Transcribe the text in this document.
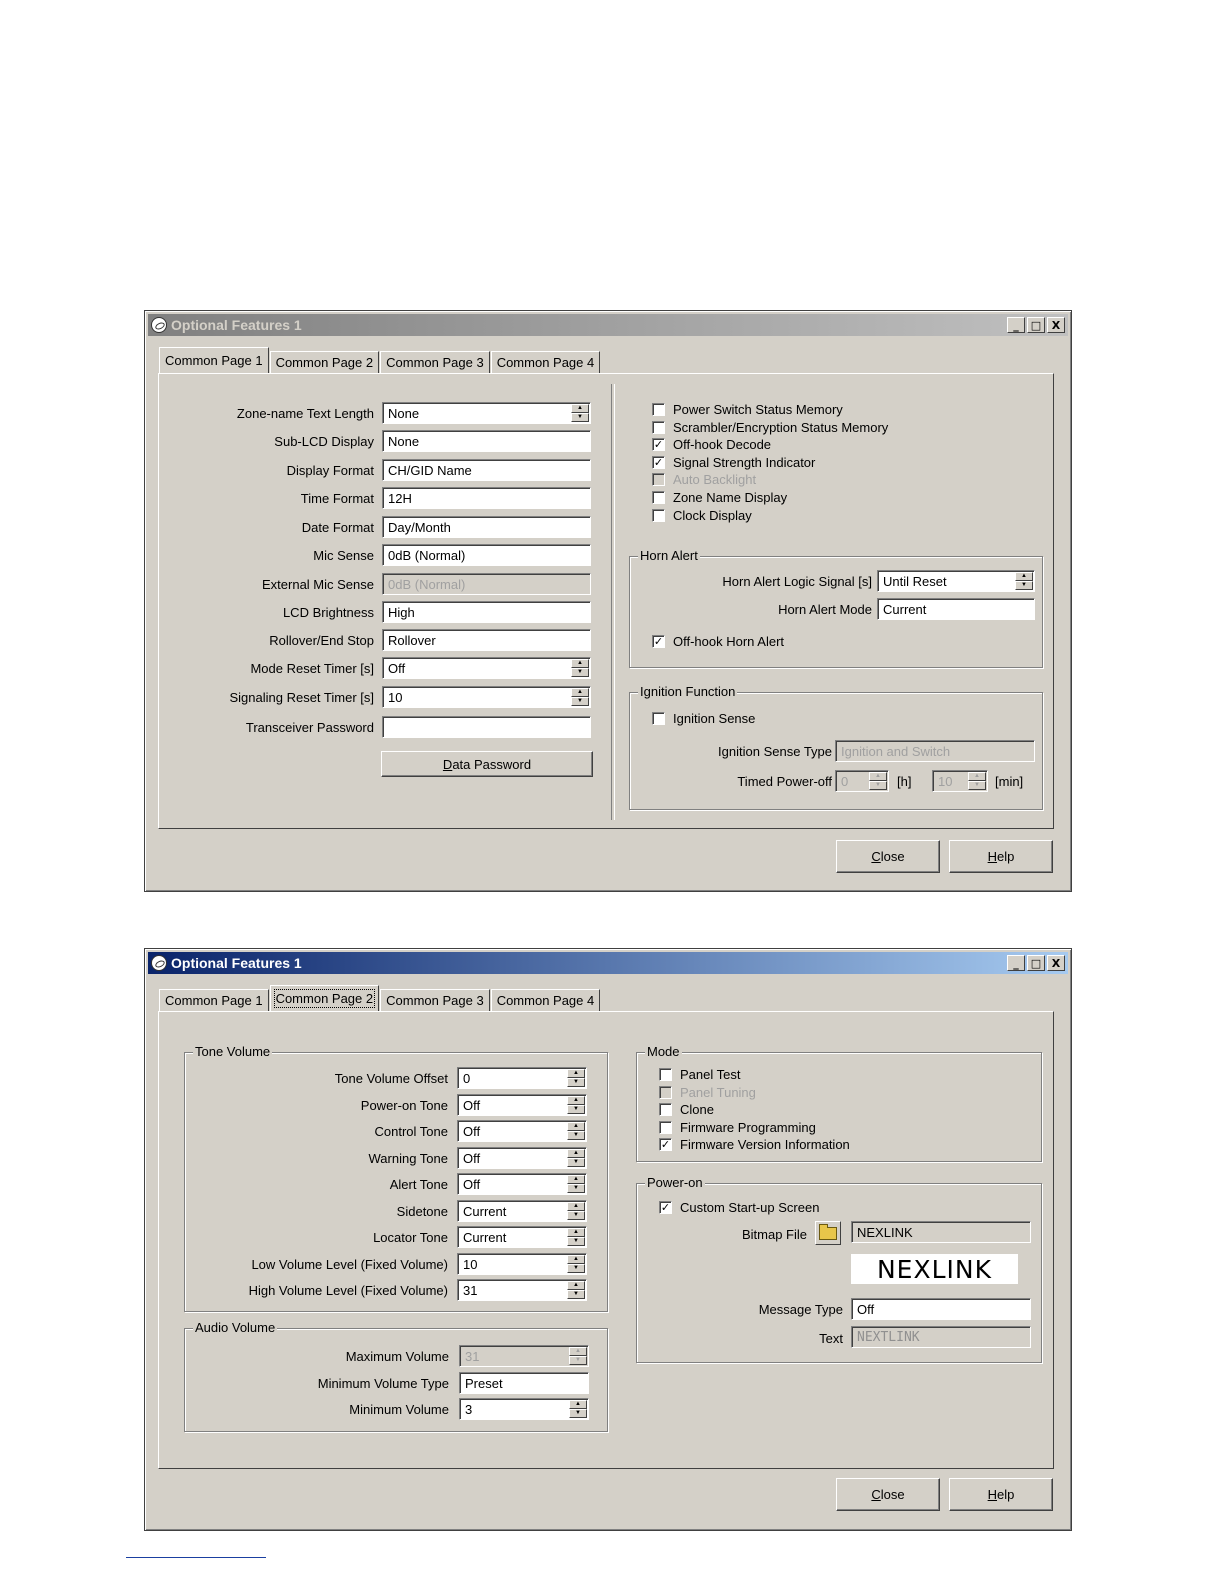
Optional Features 1	_	□ X
Common Page 1 Common Page 2 Common Page 3 Common Page 4
Zone-name Text Length	None	▲
▼
Sub-LCD Display	None
Display Format	CH/GID Name
Time Format	12H
Date Format	Day/Month
Mic Sense	0dB (Normal)
External Mic Sense	0dB (Normal)
LCD Brightness	High
Rollover/End Stop	Rollover
Mode Reset Timer [s]	Off	▲
▼
Signaling Reset Timer [s]	10	▲
▼
Transceiver Password
D ata Password
Power Switch Status Memory
Scrambler/Encryption Status Memory
✓ Off-hook Decode
✓ Signal Strength Indicator
Auto Backlight
Zone Name Display
Clock Display
Horn Alert
Horn Alert Logic Signal [s] Until Reset	▲
▼
Horn Alert Mode Current
✓ Off-hook Horn Alert
Ignition Function
Ignition Sense
Ignition Sense Type Ignition and Switch
Timed Power-off 0	▲
▼	[h]	10	▲
▼	[min]
C lose	H elp
Optional Features 1	_	□ X
Common Page 1 Common Page 2 Common Page 3 Common Page 4
Tone Volume
Tone Volume Offset	0	▲
▼
Power-on Tone	Off	▲
▼
Control Tone	Off	▲
▼
Warning Tone	Off	▲
▼
Alert Tone	Off	▲
▼
Sidetone	Current	▲
▼
Locator Tone	Current	▲
▼
Low Volume Level (Fixed Volume)	10	▲
▼
High Volume Level (Fixed Volume)	31	▲
▼
Audio Volume
Maximum Volume	31	▲
▼
Minimum Volume Type	Preset
Minimum Volume	3	▲
▼
Mode
Panel Test
Panel Tuning
Clone
Firmware Programming
✓ Firmware Version Information
Power-on
✓ Custom Start-up Screen
Bitmap File	NEXLINK
NEXLINK
Message Type	Off
Text	NEXTLINK
C lose	H elp
